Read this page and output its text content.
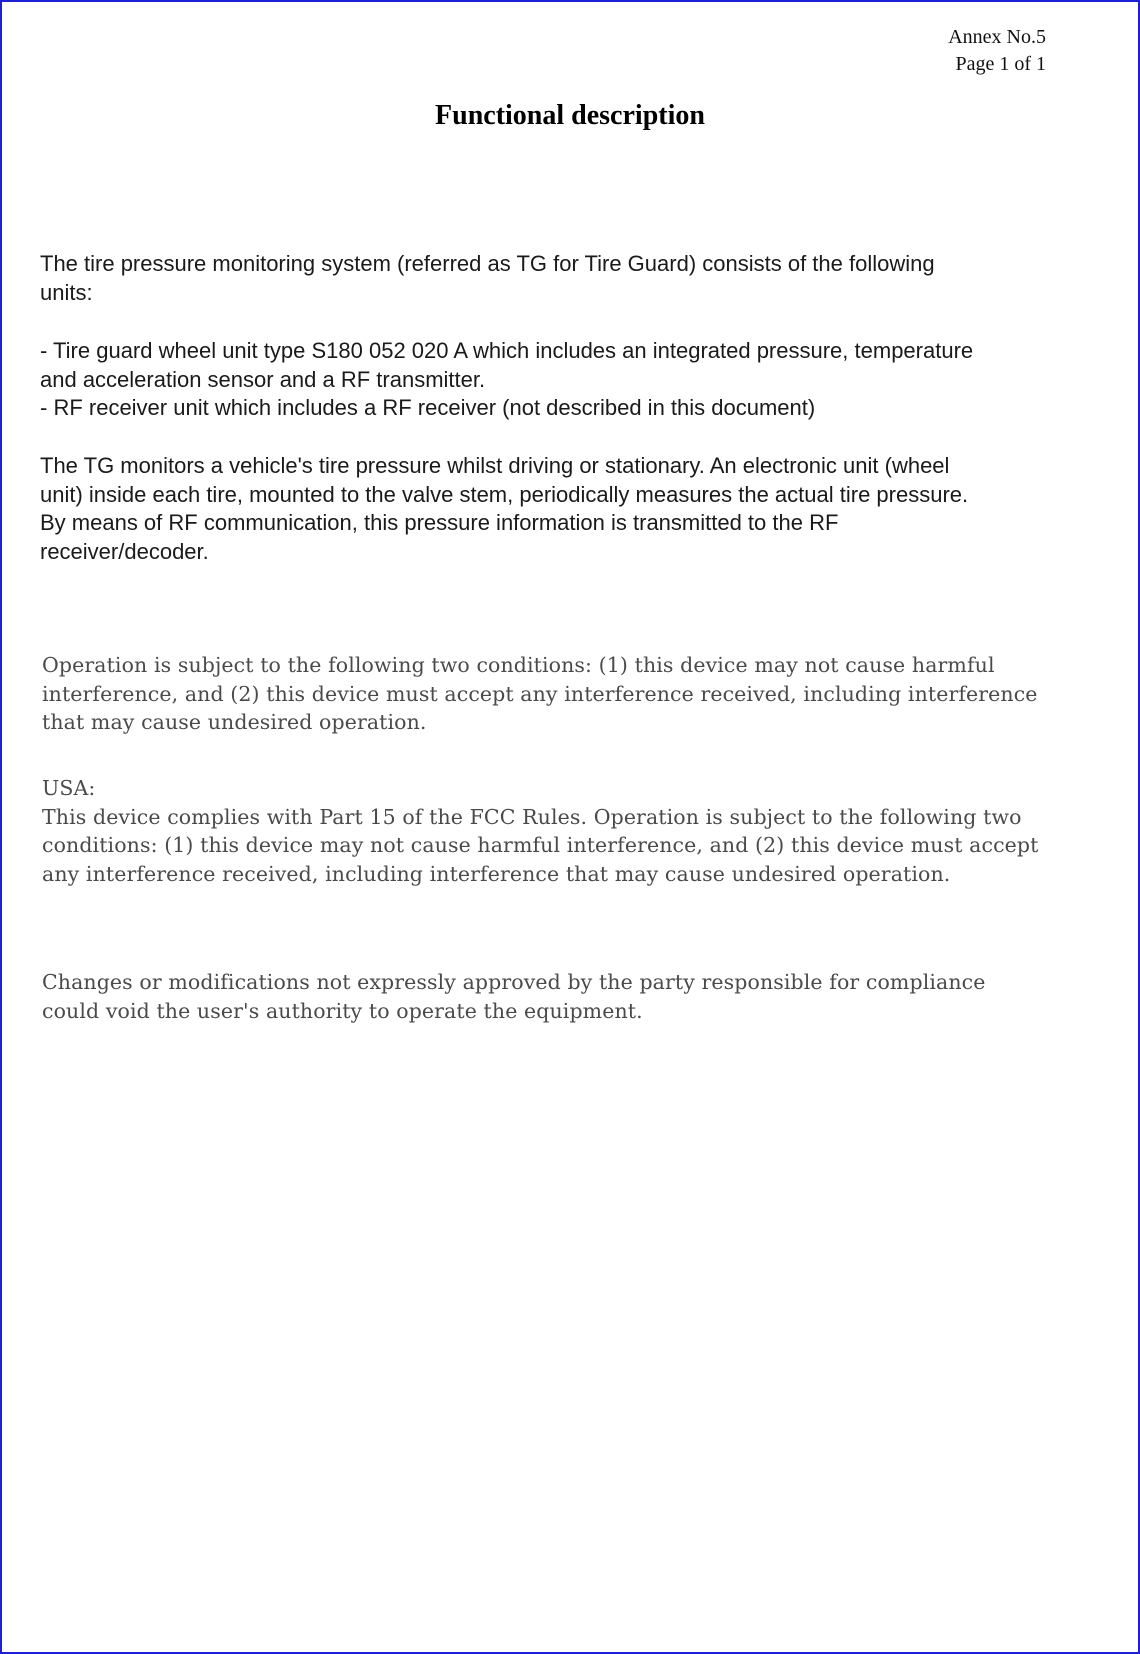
Annex No.5
Page 1 of 1
Functional description
The tire pressure monitoring system (referred as TG for Tire Guard) consists of the following
units:
- Tire guard wheel unit type S180 052 020 A which includes an integrated pressure, temperature
and acceleration sensor and a RF transmitter.
- RF receiver unit which includes a RF receiver (not described in this document)
The TG monitors a vehicle's tire pressure whilst driving or stationary. An electronic unit (wheel
unit) inside each tire, mounted to the valve stem, periodically measures the actual tire pressure.
By means of RF communication, this pressure information is transmitted to the RF
receiver/decoder.
Operation is subject to the following two conditions: (1) this device may not cause harmful
interference, and (2) this device must accept any interference received, including interference
that may cause undesired operation.
USA:
This device complies with Part 15 of the FCC Rules. Operation is subject to the following two
conditions: (1) this device may not cause harmful interference, and (2) this device must accept
any interference received, including interference that may cause undesired operation.
Changes or modifications not expressly approved by the party responsible for compliance
could void the user's authority to operate the equipment.
